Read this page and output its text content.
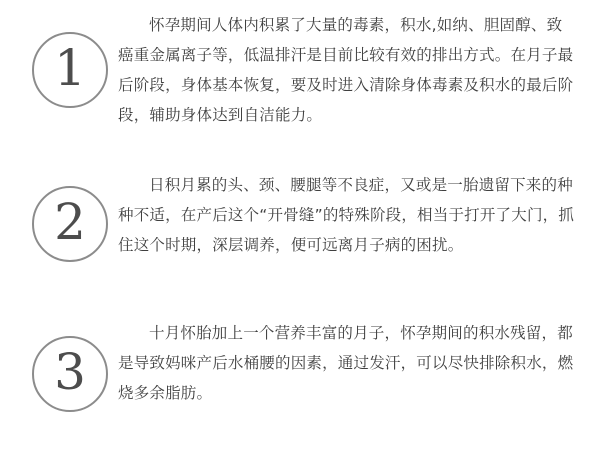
1

怀孕期间人体内积累了大量的毒素，积水,如纳、胆固醇、致癌重金属离子等，低温排汗是目前比较有效的排出方式。在月子最后阶段，身体基本恢复，要及时进入清除身体毒素及积水的最后阶段，辅助身体达到自洁能力。

2

日积月累的头、颈、腰腿等不良症，又或是一胎遗留下来的种种不适，在产后这个“开骨缝”的特殊阶段，相当于打开了大门，抓住这个时期，深层调养，便可远离月子病的困扰。

3

十月怀胎加上一个营养丰富的月子，怀孕期间的积水残留，都是导致妈咪产后水桶腰的因素，通过发汗，可以尽快排除积水，燃烧多余脂肪。
